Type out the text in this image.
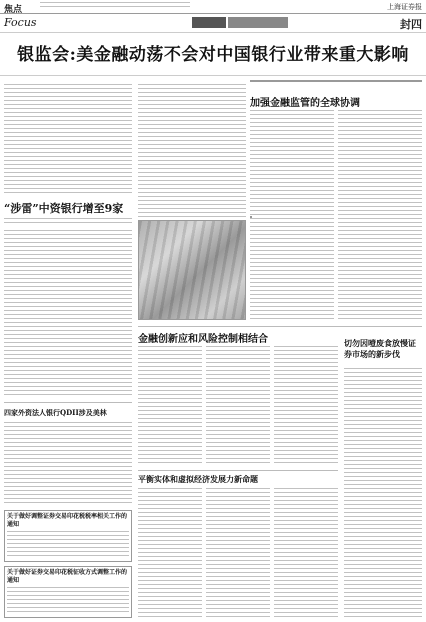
焦点	上海证券报
Focus	封四
银监会:美金融动荡不会对中国银行业带来重大影响
“涉雷”中资银行增至9家
四家外资法人银行QDII涉及美林
关于做好调整证券交易印花税税率相关工作的通知
关于做好证券交易印花税征收方式调整工作的通知
加强金融监管的全球协调
金融创新应和风险控制相结合	切勿因噎废食放慢证券市场的新步伐
平衡实体和虚拟经济发展力新命题
